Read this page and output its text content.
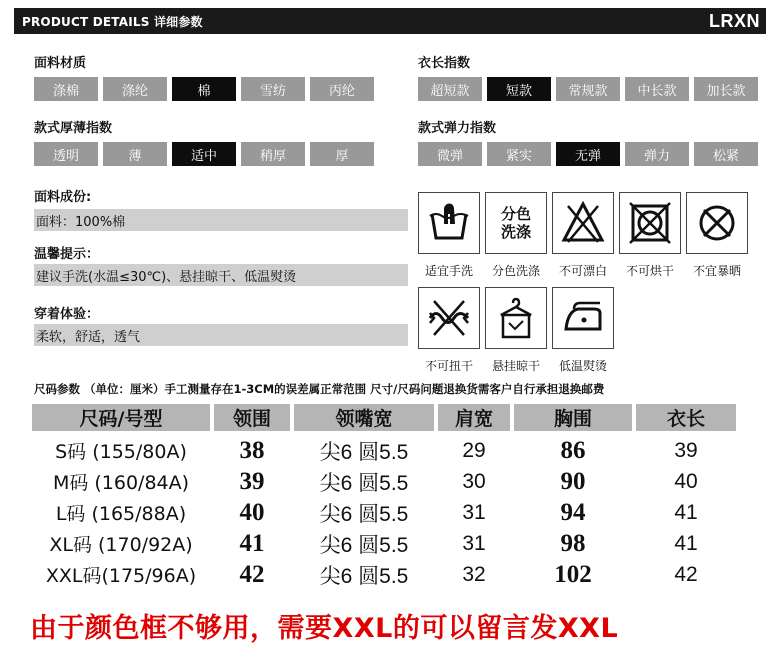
PRODUCT DETAILS 详细参数	LRXN
面料材质
涤棉	涤纶	棉	雪纺	丙纶
衣长指数
超短款	短款	常规款	中长款	加长款
款式厚薄指数
透明	薄	适中	稍厚	厚
款式弹力指数
微弹	紧实	无弹	弹力	松紧
面料成份:
面料：100%棉
温馨提示：
建议手洗(水温≤30℃)、悬挂晾干、低温熨烫
穿着体验：
柔软，舒适，透气
分色
洗涤
适宜手洗	分色洗涤	不可漂白	不可烘干	不宜暴晒
不可扭干	悬挂晾干	低温熨烫
尺码参数 （单位：厘米）手工测量存在1-3CM的误差属正常范围 尺寸/尺码问题退换货需客户自行承担退换邮费
尺码/号型	领围	领嘴宽	肩宽	胸围	衣长
S码 (155/80A)	38	尖6 圆5.5	29	86	39
M码 (160/84A)	39	尖6 圆5.5	30	90	40
L码 (165/88A)	40	尖6 圆5.5	31	94	41
XL码 (170/92A)	41	尖6 圆5.5	31	98	41
XXL码(175/96A)	42	尖6 圆5.5	32	102	42
由于颜色框不够用，需要XXL的可以留言发XXL
